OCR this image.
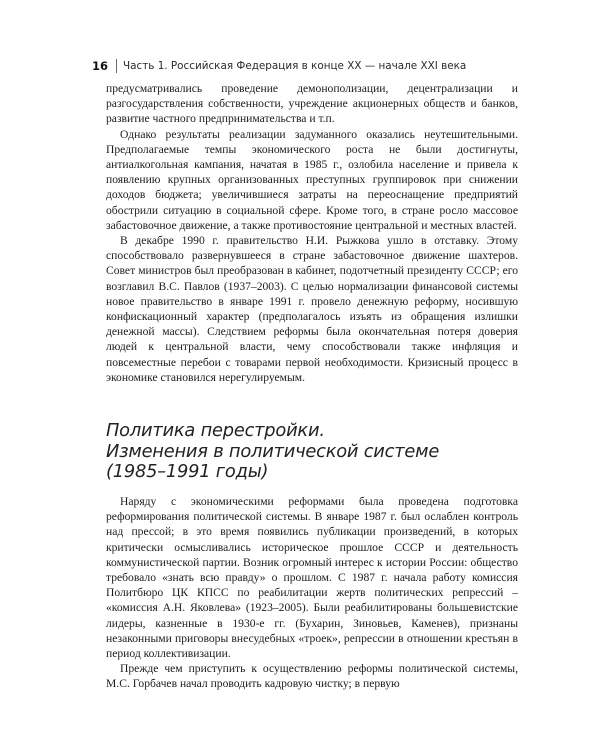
16 Часть 1. Российская Федерация в конце XX — начале XXI века

предусматривались проведение демонополизации, децентрализации и разгосударствления собственности, учреждение акционерных обществ и банков, развитие частного предпринимательства и т.п.

Однако результаты реализации задуманного оказались неутешительными. Предполагаемые темпы экономического роста не были достигнуты, антиалкогольная кампания, начатая в 1985 г., озлобила население и привела к появлению крупных организованных преступных группировок при снижении доходов бюджета; увеличившиеся затраты на переоснащение предприятий обострили ситуацию в социальной сфере. Кроме того, в стране росло массовое забастовочное движение, а также противостояние центральной и местных властей.

В декабре 1990 г. правительство Н.И. Рыжкова ушло в отставку. Этому способствовало развернувшееся в стране забастовочное движение шахтеров. Совет министров был преобразован в кабинет, подотчетный президенту СССР; его возглавил В.С. Павлов (1937–2003). С целью нормализации финансовой системы новое правительство в январе 1991 г. провело денежную реформу, носившую конфискационный характер (предполагалось изъять из обращения излишки денежной массы). Следствием реформы была окончательная потеря доверия людей к центральной власти, чему способствовали также инфляция и повсеместные перебои с товарами первой необходимости. Кризисный процесс в экономике становился нерегулируемым.

Политика перестройки.
Изменения в политической системе
(1985–1991 годы)

Наряду с экономическими реформами была проведена подготовка реформирования политической системы. В январе 1987 г. был ослаблен контроль над прессой; в это время появились публикации произведений, в которых критически осмысливались историческое прошлое СССР и деятельность коммунистической партии. Возник огромный интерес к истории России: общество требовало «знать всю правду» о прошлом. С 1987 г. начала работу комиссия Политбюро ЦК КПСС по реабилитации жертв политических репрессий – «комиссия А.Н. Яковлева» (1923–2005). Были реабилитированы большевистские лидеры, казненные в 1930-е гг. (Бухарин, Зиновьев, Каменев), признаны незаконными приговоры внесудебных «троек», репрессии в отношении крестьян в период коллективизации.

Прежде чем приступить к осуществлению реформы политической системы, М.С. Горбачев начал проводить кадровую чистку; в первую
